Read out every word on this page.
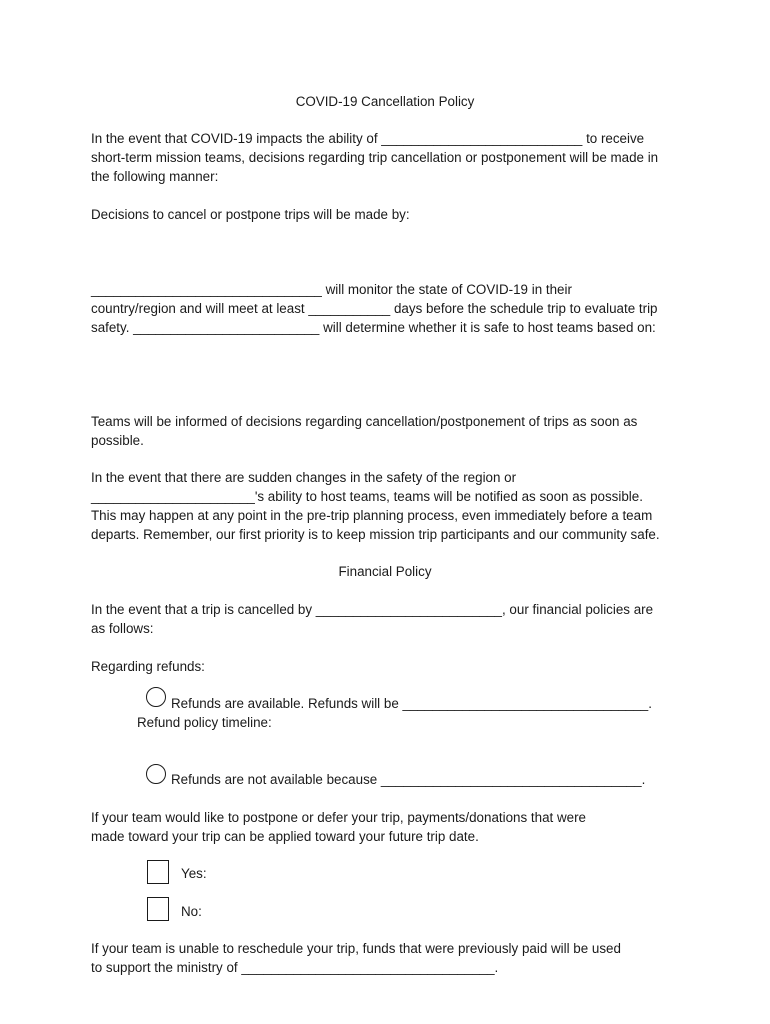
COVID-19 Cancellation Policy

In the event that COVID-19 impacts the ability of ___________________________ to receive

short-term mission teams, decisions regarding trip cancellation or postponement will be made in

the following manner:

Decisions to cancel or postpone trips will be made by:

_______________________________ will monitor the state of COVID-19 in their

country/region and will meet at least ___________ days before the schedule trip to evaluate trip

safety. _________________________ will determine whether it is safe to host teams based on:

Teams will be informed of decisions regarding cancellation/postponement of trips as soon as

possible.

In the event that there are sudden changes in the safety of the region or

______________________'s ability to host teams, teams will be notified as soon as possible.

This may happen at any point in the pre-trip planning process, even immediately before a team

departs. Remember, our first priority is to keep mission trip participants and our community safe.

Financial Policy

In the event that a trip is cancelled by _________________________, our financial policies are

as follows:

Regarding refunds:

Refunds are available. Refunds will be _________________________________.

Refund policy timeline:

Refunds are not available because ___________________________________.

If your team would like to postpone or defer your trip, payments/donations that were

made toward your trip can be applied toward your future trip date.

Yes:

No:

If your team is unable to reschedule your trip, funds that were previously paid will be used

to support the ministry of __________________________________.
